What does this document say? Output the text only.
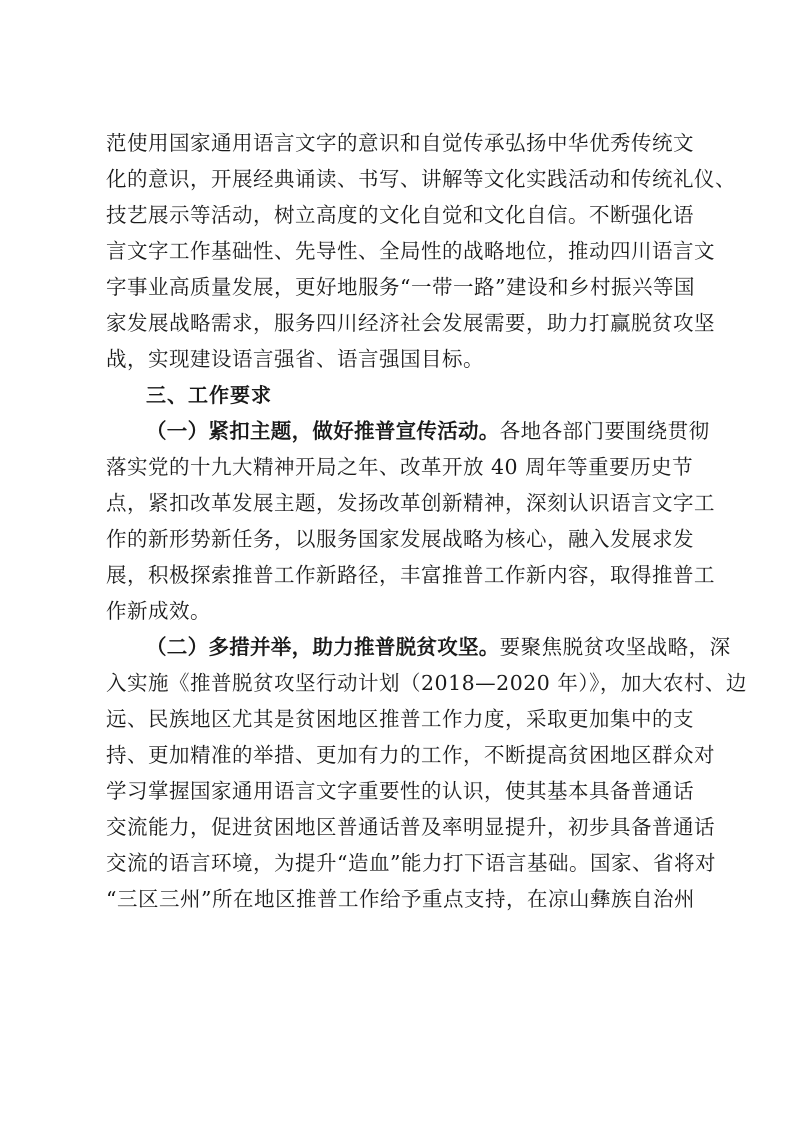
范使用国家通用语言文字的意识和自觉传承弘扬中华优秀传统文
化的意识，开展经典诵读、书写、讲解等文化实践活动和传统礼仪、
技艺展示等活动，树立高度的文化自觉和文化自信。不断强化语
言文字工作基础性、先导性、全局性的战略地位，推动四川语言文
字事业高质量发展，更好地服务“一带一路”建设和乡村振兴等国
家发展战略需求，服务四川经济社会发展需要，助力打赢脱贫攻坚
战，实现建设语言强省、语言强国目标。
三、工作要求
（一）紧扣主题，做好推普宣传活动。各地各部门要围绕贯彻
落实党的十九大精神开局之年、改革开放 40 周年等重要历史节
点，紧扣改革发展主题，发扬改革创新精神，深刻认识语言文字工
作的新形势新任务，以服务国家发展战略为核心，融入发展求发
展，积极探索推普工作新路径，丰富推普工作新内容，取得推普工
作新成效。
（二）多措并举，助力推普脱贫攻坚。要聚焦脱贫攻坚战略，深
入实施《推普脱贫攻坚行动计划（2018—2020 年）》，加大农村、边
远、民族地区尤其是贫困地区推普工作力度，采取更加集中的支
持、更加精准的举措、更加有力的工作，不断提高贫困地区群众对
学习掌握国家通用语言文字重要性的认识，使其基本具备普通话
交流能力，促进贫困地区普通话普及率明显提升，初步具备普通话
交流的语言环境，为提升“造血”能力打下语言基础。国家、省将对
“三区三州”所在地区推普工作给予重点支持，在凉山彝族自治州
